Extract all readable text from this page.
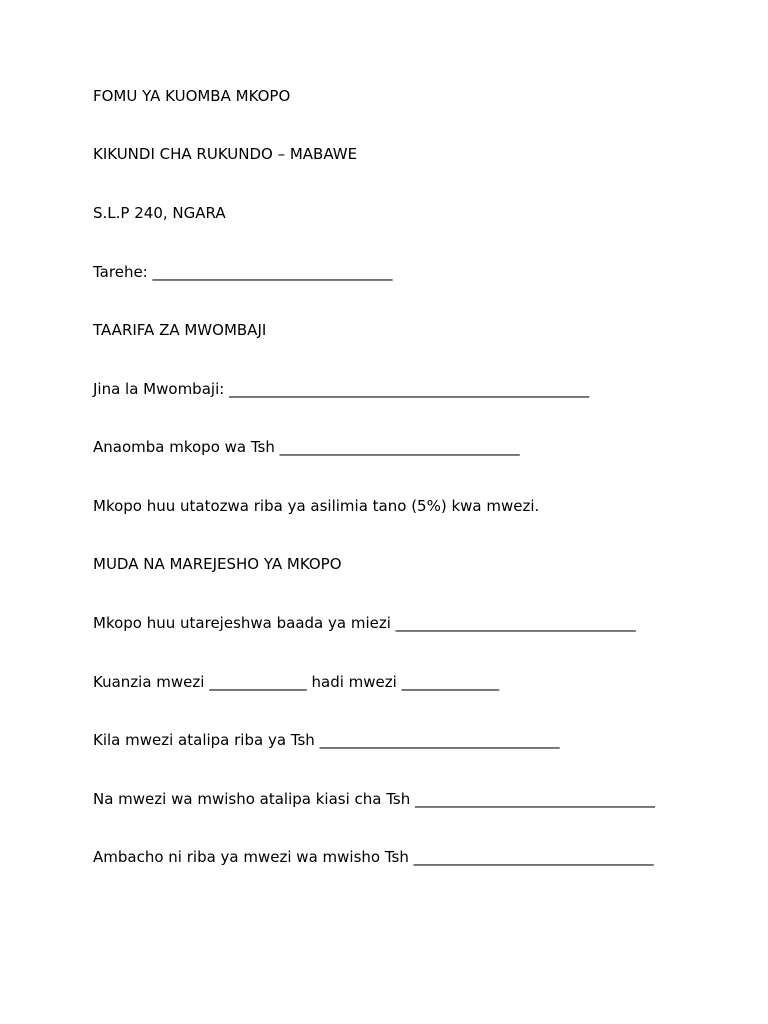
FOMU YA KUOMBA MKOPO

KIKUNDI CHA RUKUNDO – MABAWE

S.L.P 240, NGARA

Tarehe: ________________________________

TAARIFA ZA MWOMBAJI

Jina la Mwombaji: ________________________________________________

Anaomba mkopo wa Tsh ________________________________

Mkopo huu utatozwa riba ya asilimia tano (5%) kwa mwezi.

MUDA NA MAREJESHO YA MKOPO

Mkopo huu utarejeshwa baada ya miezi ________________________________

Kuanzia mwezi _____________ hadi mwezi _____________

Kila mwezi atalipa riba ya Tsh ________________________________

Na mwezi wa mwisho atalipa kiasi cha Tsh ________________________________

Ambacho ni riba ya mwezi wa mwisho Tsh ________________________________
